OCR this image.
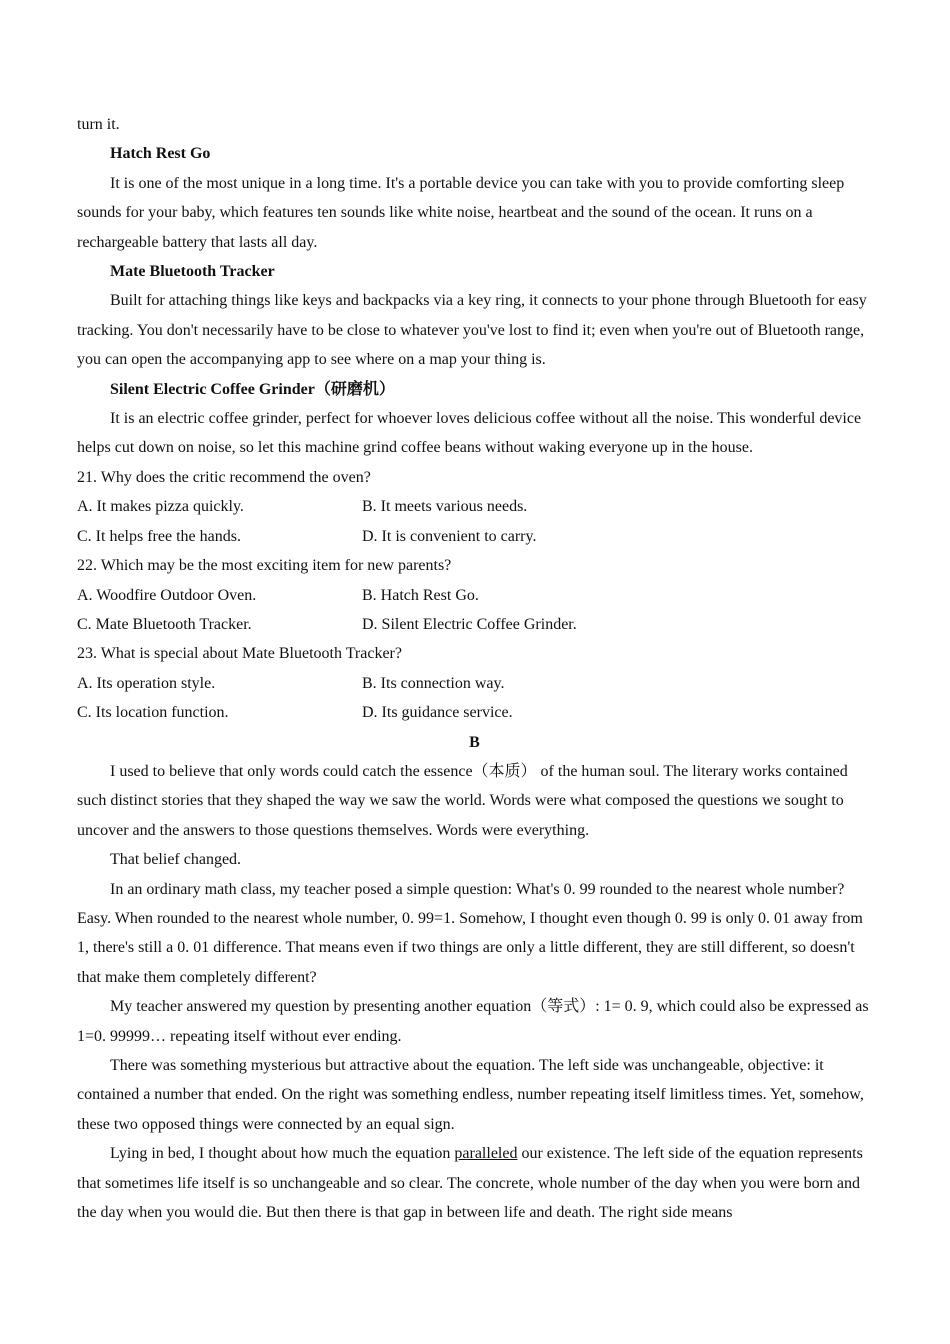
turn it.

Hatch Rest Go

It is one of the most unique in a long time. It's a portable device you can take with you to provide comforting sleep sounds for your baby, which features ten sounds like white noise, heartbeat and the sound of the ocean. It runs on a rechargeable battery that lasts all day.

Mate Bluetooth Tracker

Built for attaching things like keys and backpacks via a key ring, it connects to your phone through Bluetooth for easy tracking. You don't necessarily have to be close to whatever you've lost to find it; even when you're out of Bluetooth range, you can open the accompanying app to see where on a map your thing is.

Silent Electric Coffee Grinder（研磨机）

It is an electric coffee grinder, perfect for whoever loves delicious coffee without all the noise. This wonderful device helps cut down on noise, so let this machine grind coffee beans without waking everyone up in the house.

21. Why does the critic recommend the oven?

A. It makes pizza quickly.	B. It meets various needs.
C. It helps free the hands.	D. It is convenient to carry.

22. Which may be the most exciting item for new parents?

A. Woodfire Outdoor Oven.	B. Hatch Rest Go.
C. Mate Bluetooth Tracker.	D. Silent Electric Coffee Grinder.

23. What is special about Mate Bluetooth Tracker?

A. Its operation style.	B. Its connection way.
C. Its location function.	D. Its guidance service.

B

I used to believe that only words could catch the essence（本质） of the human soul. The literary works contained such distinct stories that they shaped the way we saw the world. Words were what composed the questions we sought to uncover and the answers to those questions themselves. Words were everything.

That belief changed.

In an ordinary math class, my teacher posed a simple question: What's 0. 99 rounded to the nearest whole number? Easy. When rounded to the nearest whole number, 0. 99=1. Somehow, I thought even though 0. 99 is only 0. 01 away from 1, there's still a 0. 01 difference. That means even if two things are only a little different, they are still different, so doesn't that make them completely different?

My teacher answered my question by presenting another equation（等式）: 1= 0. 9, which could also be expressed as 1=0. 99999… repeating itself without ever ending.

There was something mysterious but attractive about the equation. The left side was unchangeable, objective: it contained a number that ended. On the right was something endless, number repeating itself limitless times. Yet, somehow, these two opposed things were connected by an equal sign.

Lying in bed, I thought about how much the equation paralleled our existence. The left side of the equation represents that sometimes life itself is so unchangeable and so clear. The concrete, whole number of the day when you were born and the day when you would die. But then there is that gap in between life and death. The right side means
